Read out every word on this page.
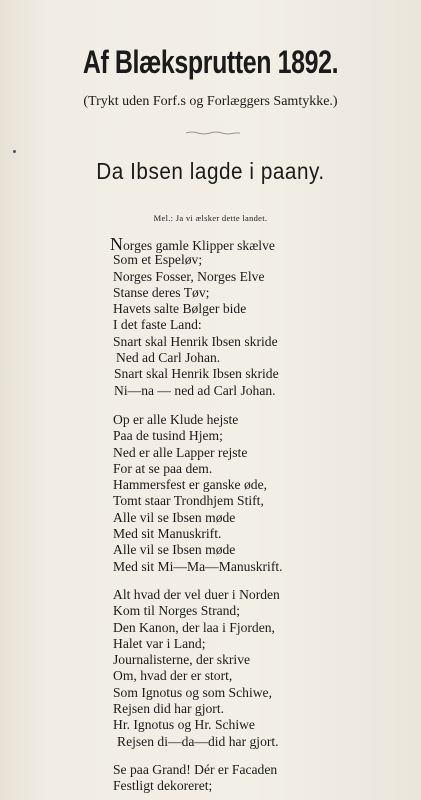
Af Blæksprutten 1892.
(Trykt uden Forf.s og Forlæggers Samtykke.)
Da Ibsen lagde i paany.
Mel.: Ja vi ælsker dette landet.
Norges gamle Klipper skælve
Som et Espeløv;
Norges Fosser, Norges Elve
Stanse deres Tøv;
Havets salte Bølger bide
I det faste Land:
Snart skal Henrik Ibsen skride
Ned ad Carl Johan.
Snart skal Henrik Ibsen skride
Ni—na — ned ad Carl Johan.
Op er alle Klude hejste
Paa de tusind Hjem;
Ned er alle Lapper rejste
For at se paa dem.
Hammersfest er ganske øde,
Tomt staar Trondhjem Stift,
Alle vil se Ibsen møde
Med sit Manuskrift.
Alle vil se Ibsen møde
Med sit Mi—Ma—Manuskrift.
Alt hvad der vel duer i Norden
Kom til Norges Strand;
Den Kanon, der laa i Fjorden,
Halet var i Land;
Journalisterne, der skrive
Om, hvad der er stort,
Som Ignotus og som Schiwe,
Rejsen did har gjort.
Hr. Ignotus og Hr. Schiwe
Rejsen di—da—did har gjort.
Se paa Grand! Dér er Facaden
Festligt dekoreret;
